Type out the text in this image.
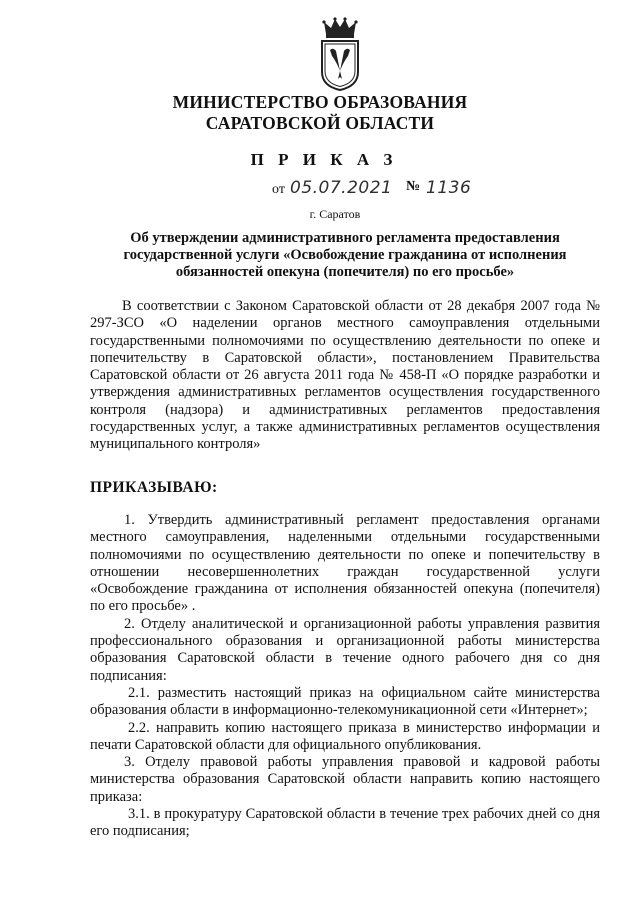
МИНИСТЕРСТВО ОБРАЗОВАНИЯ
САРАТОВСКОЙ ОБЛАСТИ
П Р И К А З
от 05.07.2021 № 1136
г. Саратов
Об утверждении административного регламента предоставления государственной услуги «Освобождение гражданина от исполнения обязанностей опекуна (попечителя) по его просьбе»
В соответствии с Законом Саратовской области от 28 декабря 2007 года № 297-ЗСО «О наделении органов местного самоуправления отдельными государственными полномочиями по осуществлению деятельности по опеке и попечительству в Саратовской области», постановлением Правительства Саратовской области от 26 августа 2011 года № 458-П «О порядке разработки и утверждения административных регламентов осуществления государственного контроля (надзора) и административных регламентов предоставления государственных услуг, а также административных регламентов осуществления муниципального контроля»
ПРИКАЗЫВАЮ:

1. Утвердить административный регламент предоставления органами местного самоуправления, наделенными отдельными государственными полномочиями по осуществлению деятельности по опеке и попечительству в отношении несовершеннолетних граждан государственной услуги «Освобождение гражданина от исполнения обязанностей опекуна (попечителя) по его просьбе» .

2. Отделу аналитической и организационной работы управления развития профессионального образования и организационной работы министерства образования Саратовской области в течение одного рабочего дня со дня подписания:

2.1. разместить настоящий приказ на официальном сайте министерства образования области в информационно-телекомуникационной сети «Интернет»;

2.2. направить копию настоящего приказа в министерство информации и печати Саратовской области для официального опубликования.

3. Отделу правовой работы управления правовой и кадровой работы министерства образования Саратовской области направить копию настоящего приказа:

3.1. в прокуратуру Саратовской области в течение трех рабочих дней со дня его подписания;
